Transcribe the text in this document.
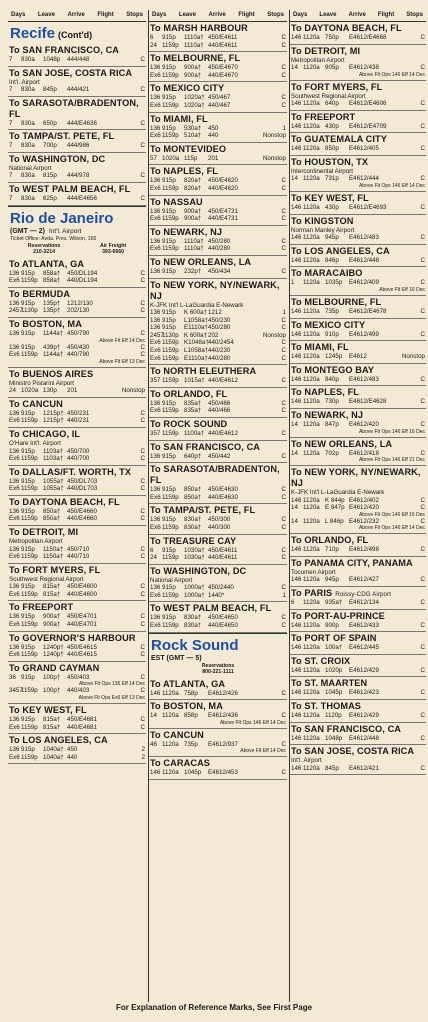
Days Leave Arrive Flight Stops
Recife (Cont'd)
To SAN FRANCISCO, CA
7	830a	1048p	444/448	C
To SAN JOSE, COSTA RICA
Int'l. Airport
7	830a	845p	444/421	C
To SARASOTA/BRADENTON, FL
7	830a	650p	444/E4636	C
To TAMPA/ST. PETE, FL
7	830a	700p	444/986	C
To WASHINGTON, DC
National Airport
7	830a	815p	444/978	C
To WEST PALM BEACH, FL
7	830a	625p	444/E4656	C
Rio de Janeiro
(GMT — 2) Int'l. Airport
Ticket Office: Avda. Pres. Wilson, 165
Reservations
210-3214
Air Freight
393-6660
To ATLANTA, GA
136 915p	858a†	450/DL194	C
Ex6 1159p 858a†	440/DL194	C
To BERMUDA
136 915p	135p†	1212/130	C
2457
1130p 135p†	202/130	C
To BOSTON, MA
136 915p	1144a† 450/790	C
Above Flt Eff 14 Dec
136 915p	439p†	450/430	C
Ex6 1159p 1144a† 440/790	C
Above Flt Eff 13 Dec
To BUENOS AIRES
Ministro Pistarini Airport
24 1020a 130p	201	Nonstop
To CANCUN
136 915p	1215p† 450/231	C
Ex6 1159p 1215p† 440/231	C
To CHICAGO, IL
O'Hare Int'l. Airport
136 915p	1103a† 450/700	C
Ex6 1159p 1103a† 440/700	C
To DALLAS/FT. WORTH, TX
136 915p	1055a† 450/DL703	C
Ex6 1159p 1055a† 440/DL703	C
To DAYTONA BEACH, FL
136 915p	850a†	450/E4660	C
Ex6 1159p 850a†	440/E4660	C
To DETROIT, MI
Metropolitan Airport
136 915p	1150a† 450/710	C
Ex6 1159p 1150a† 440/710	C
To FORT MYERS, FL
Southwest Regional Airport
136 915p	815a†	450/E4600	C
Ex6 1159p 815a†	440/E4600	C
To FREEPORT
136 915p	900a†	450/E4701	C
Ex6 1159p 900a†	440/E4701	C
To GOVERNOR'S HARBOUR
136 915p	1240p† 450/E4615	C
Ex6 1159p 1240p† 440/E4615	C
To GRAND CAYMAN
36 915p	100p†	450/403	C
Above Flt Ops 136 Eff 14 Dec
3457
1159p 100p†	440/403	C
Above Flt Ops Ex6 Eff 13 Dec
To KEY WEST, FL
136 915p	815a†	450/E4681	C
Ex6 1159p 815a†	440/E4681	C
To LOS ANGELES, CA
136 915p	1040a† 450	2
Ex6 1159p 1040a† 440	2
Days Leave Arrive Flight Stops
To MARSH HARBOUR
6	915p	1110a† 450/E4611	C
24 1159p 1110a† 440/E4611	C
To MELBOURNE, FL
136 915p	900a†	450/E4670	C
Ex6 1159p 900a†	440/E4670	C
To MEXICO CITY
136 915p	1020a† 450/467	C
Ex6 1159p 1020a† 440/467	C
To MIAMI, FL
136 915p	530a†	450	1
Ex6 1159p 510a†	440	Nonstop
To MONTEVIDEO
57 1020a 115p	201	Nonstop
To NAPLES, FL
136 915p	820a†	450/E4620	C
Ex6 1159p 820a†	440/E4620	C
To NASSAU
136 915p	900a†	450/E4731	C
Ex6 1159p 900a†	440/E4731	C
To NEWARK, NJ
136 915p	1110a† 450/280	C
Ex6 1159p 1110a† 440/280	C
To NEW ORLEANS, LA
136 915p	232p†	450/434	C
To NEW YORK, NY/NEWARK, NJ
K-JFK Int'l L-LaGuardia E-Newark
136 915p	K 600a† 1212	1
136 915p	L1058a† 450/230	C
136 915p	E1110a† 450/280	C
2457
1130p K 600a† 202	Nonstop
Ex6 1159p K1048a† 440/2454	C
Ex6 1159p L1058a† 440/230	C
Ex6 1159p E1110a† 440/280	C
To NORTH ELEUTHERA
357 1159p 1015a† 440/E4612	C
To ORLANDO, FL
136 915p	835a†	450/466	C
Ex6 1159p 835a†	440/466	C
To ROCK SOUND
357 1159p 1100a† 440/E4612	C
To SAN FRANCISCO, CA
136 915p	640p†	450/442	C
To SARASOTA/BRADENTON, FL
136 915p	850a†	450/E4630	C
Ex6 1159p 850a†	440/E4630	C
To TAMPA/ST. PETE, FL
136 915p	830a†	450/300	C
Ex6 1159p 830a†	440/300	C
To TREASURE CAY
6	915p	1030a† 450/E4611	C
24 1159p 1030a† 440/E4611	C
To WASHINGTON, DC
National Airport
136 915p	1000a† 450/2440	C
Ex6 1159p 1000a† 1440*	1
To WEST PALM BEACH, FL
136 915p	830a†	450/E4650	C
Ex6 1159p 830a†	440/E4650	C
Rock Sound
EST (GMT — 5)
Reservations
800-221-1111
To ATLANTA, GA
146 1120a 758p	E4612/426	C
To BOSTON, MA
14 1120a 858p	E4612/436	C
Above Flt Ops 146 Eff 14 Dec
To CANCUN
46 1120a 735p	E4612/937	C
Above Flt Eff 14 Dec
To CARACAS
146 1120a 1045p	E4612/453	C
Days Leave Arrive Flight Stops
To DAYTONA BEACH, FL
146 1120a 750p	E4612/E4668	C
To DETROIT, MI
Metropolitan Airport
14 1120a 905p	E4612/438	C
Above Flt Ops 146 Eff 14 Dec
To FORT MYERS, FL
Southwest Regional Airport
146 1120a 640p	E4612/E4606	C
To FREEPORT
146 1120a 430p	E4612/E4709	C
To GUATEMALA CITY
146 1120a 850p	E4612/405	C
To HOUSTON, TX
Intercontinental Airport
14 1120a 731p	E4612/444	C
Above Flt Ops 146 Eff 14 Dec
To KEY WEST, FL
146 1120a 430p	E4612/E4693	C
To KINGSTON
Norman Manley Airport
146 1120a 945p	E4612/483	C
To LOS ANGELES, CA
146 1120a 846p	E4612/448	C
To MARACAIBO
1	1120a 1035p	E4612/409	C
Above Flt Eff 16 Dec
To MELBOURNE, FL
146 1120a 735p	E4612/E4678	C
To MEXICO CITY
146 1120a 910p	E4612/499	C
To MIAMI, FL
146 1120a 1245p	E4612	Nonstop
To MONTEGO BAY
146 1120a 840p	E4612/483	C
To NAPLES, FL
146 1120a 730p	E4612/E4628	C
To NEWARK, NJ
14 1120a 847p	E4612/420	C
Above Flt Ops 146 Eff 16 Dec
To NEW ORLEANS, LA
14 1120a 702p	E4612/418	C
Above Flt Ops 146 Eff 21 Dec
To NEW YORK, NY/NEWARK, NJ
K-JFK Int'l L-LaGuardia E-Newark
146 1120a K 844p E4612/402	C
14 1120a E 847p E4612/420	C
Above Flt Ops 146 Eff 16 Dec
14 1120a L 846p E4612/232	C
Above Flt Ops 146 Eff 14 Dec
To ORLANDO, FL
146 1120a 710p	E4612/498	C
To PANAMA CITY, PANAMA
Tocumen Airport
146 1120a 945p	E4612/427	C
To PARIS Roissy-CDG Airport
6	1120a 935a†	E4612/134	C
To PORT-AU-PRINCE
146 1120a 900p	E4612/433	C
To PORT OF SPAIN
146 1120a 100a†	E4612/445	C
To ST. CROIX
146 1120a 1020p	E4612/429	C
To ST. MAARTEN
146 1120a 1045p	E4612/423	C
To ST. THOMAS
146 1120a 1120p	E4612/429	C
To SAN FRANCISCO, CA
146 1120a 1048p	E4612/448	C
To SAN JOSE, COSTA RICA
Int'l. Airport
146 1120a 845p	E4612/421	C
For Explanation of Reference Marks, See First Page
